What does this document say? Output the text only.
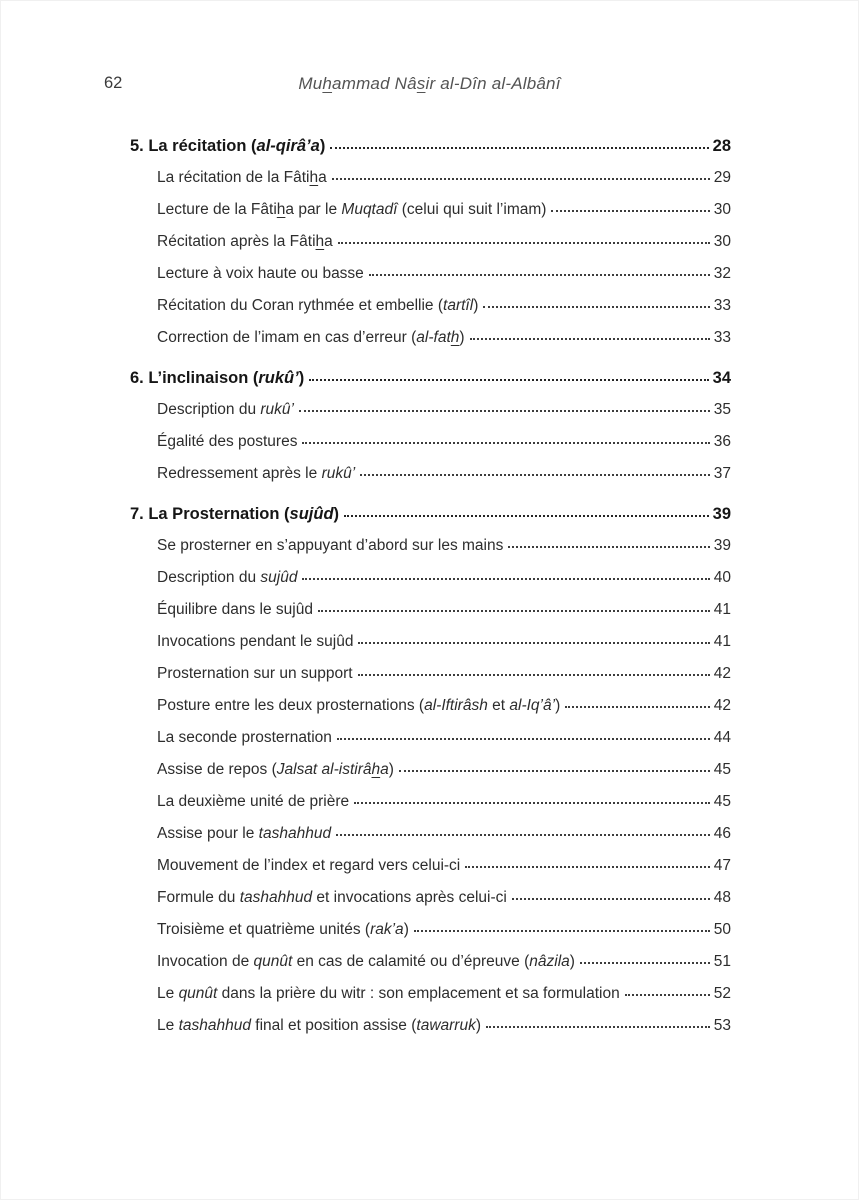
62	Muhammad Nâsir al-Dîn al-Albânî
5. La récitation (al-qirâ’a)	28
La récitation de la Fâtiha	29
Lecture de la Fâtiha par le Muqtadî (celui qui suit l’imam)	30
Récitation après la Fâtiha	30
Lecture à voix haute ou basse	32
Récitation du Coran rythmée et embellie (tartîl)	33
Correction de l’imam en cas d’erreur (al-fath)	33
6. L’inclinaison (rukû’)	34
Description du rukû’	35
Égalité des postures	36
Redressement après le rukû’	37
7. La Prosternation (sujûd)	39
Se prosterner en s’appuyant d’abord sur les mains	39
Description du sujûd	40
Équilibre dans le sujûd	41
Invocations pendant le sujûd	41
Prosternation sur un support	42
Posture entre les deux prosternations (al-Iftirâsh et al-Iq’â’)	42
La seconde prosternation	44
Assise de repos (Jalsat al-istirâha)	45
La deuxième unité de prière	45
Assise pour le tashahhud	46
Mouvement de l’index et regard vers celui-ci	47
Formule du tashahhud et invocations après celui-ci	48
Troisième et quatrième unités (rak’a)	50
Invocation de qunût en cas de calamité ou d’épreuve (nâzila)	51
Le qunût dans la prière du witr : son emplacement et sa formulation	52
Le tashahhud final et position assise (tawarruk)	53
